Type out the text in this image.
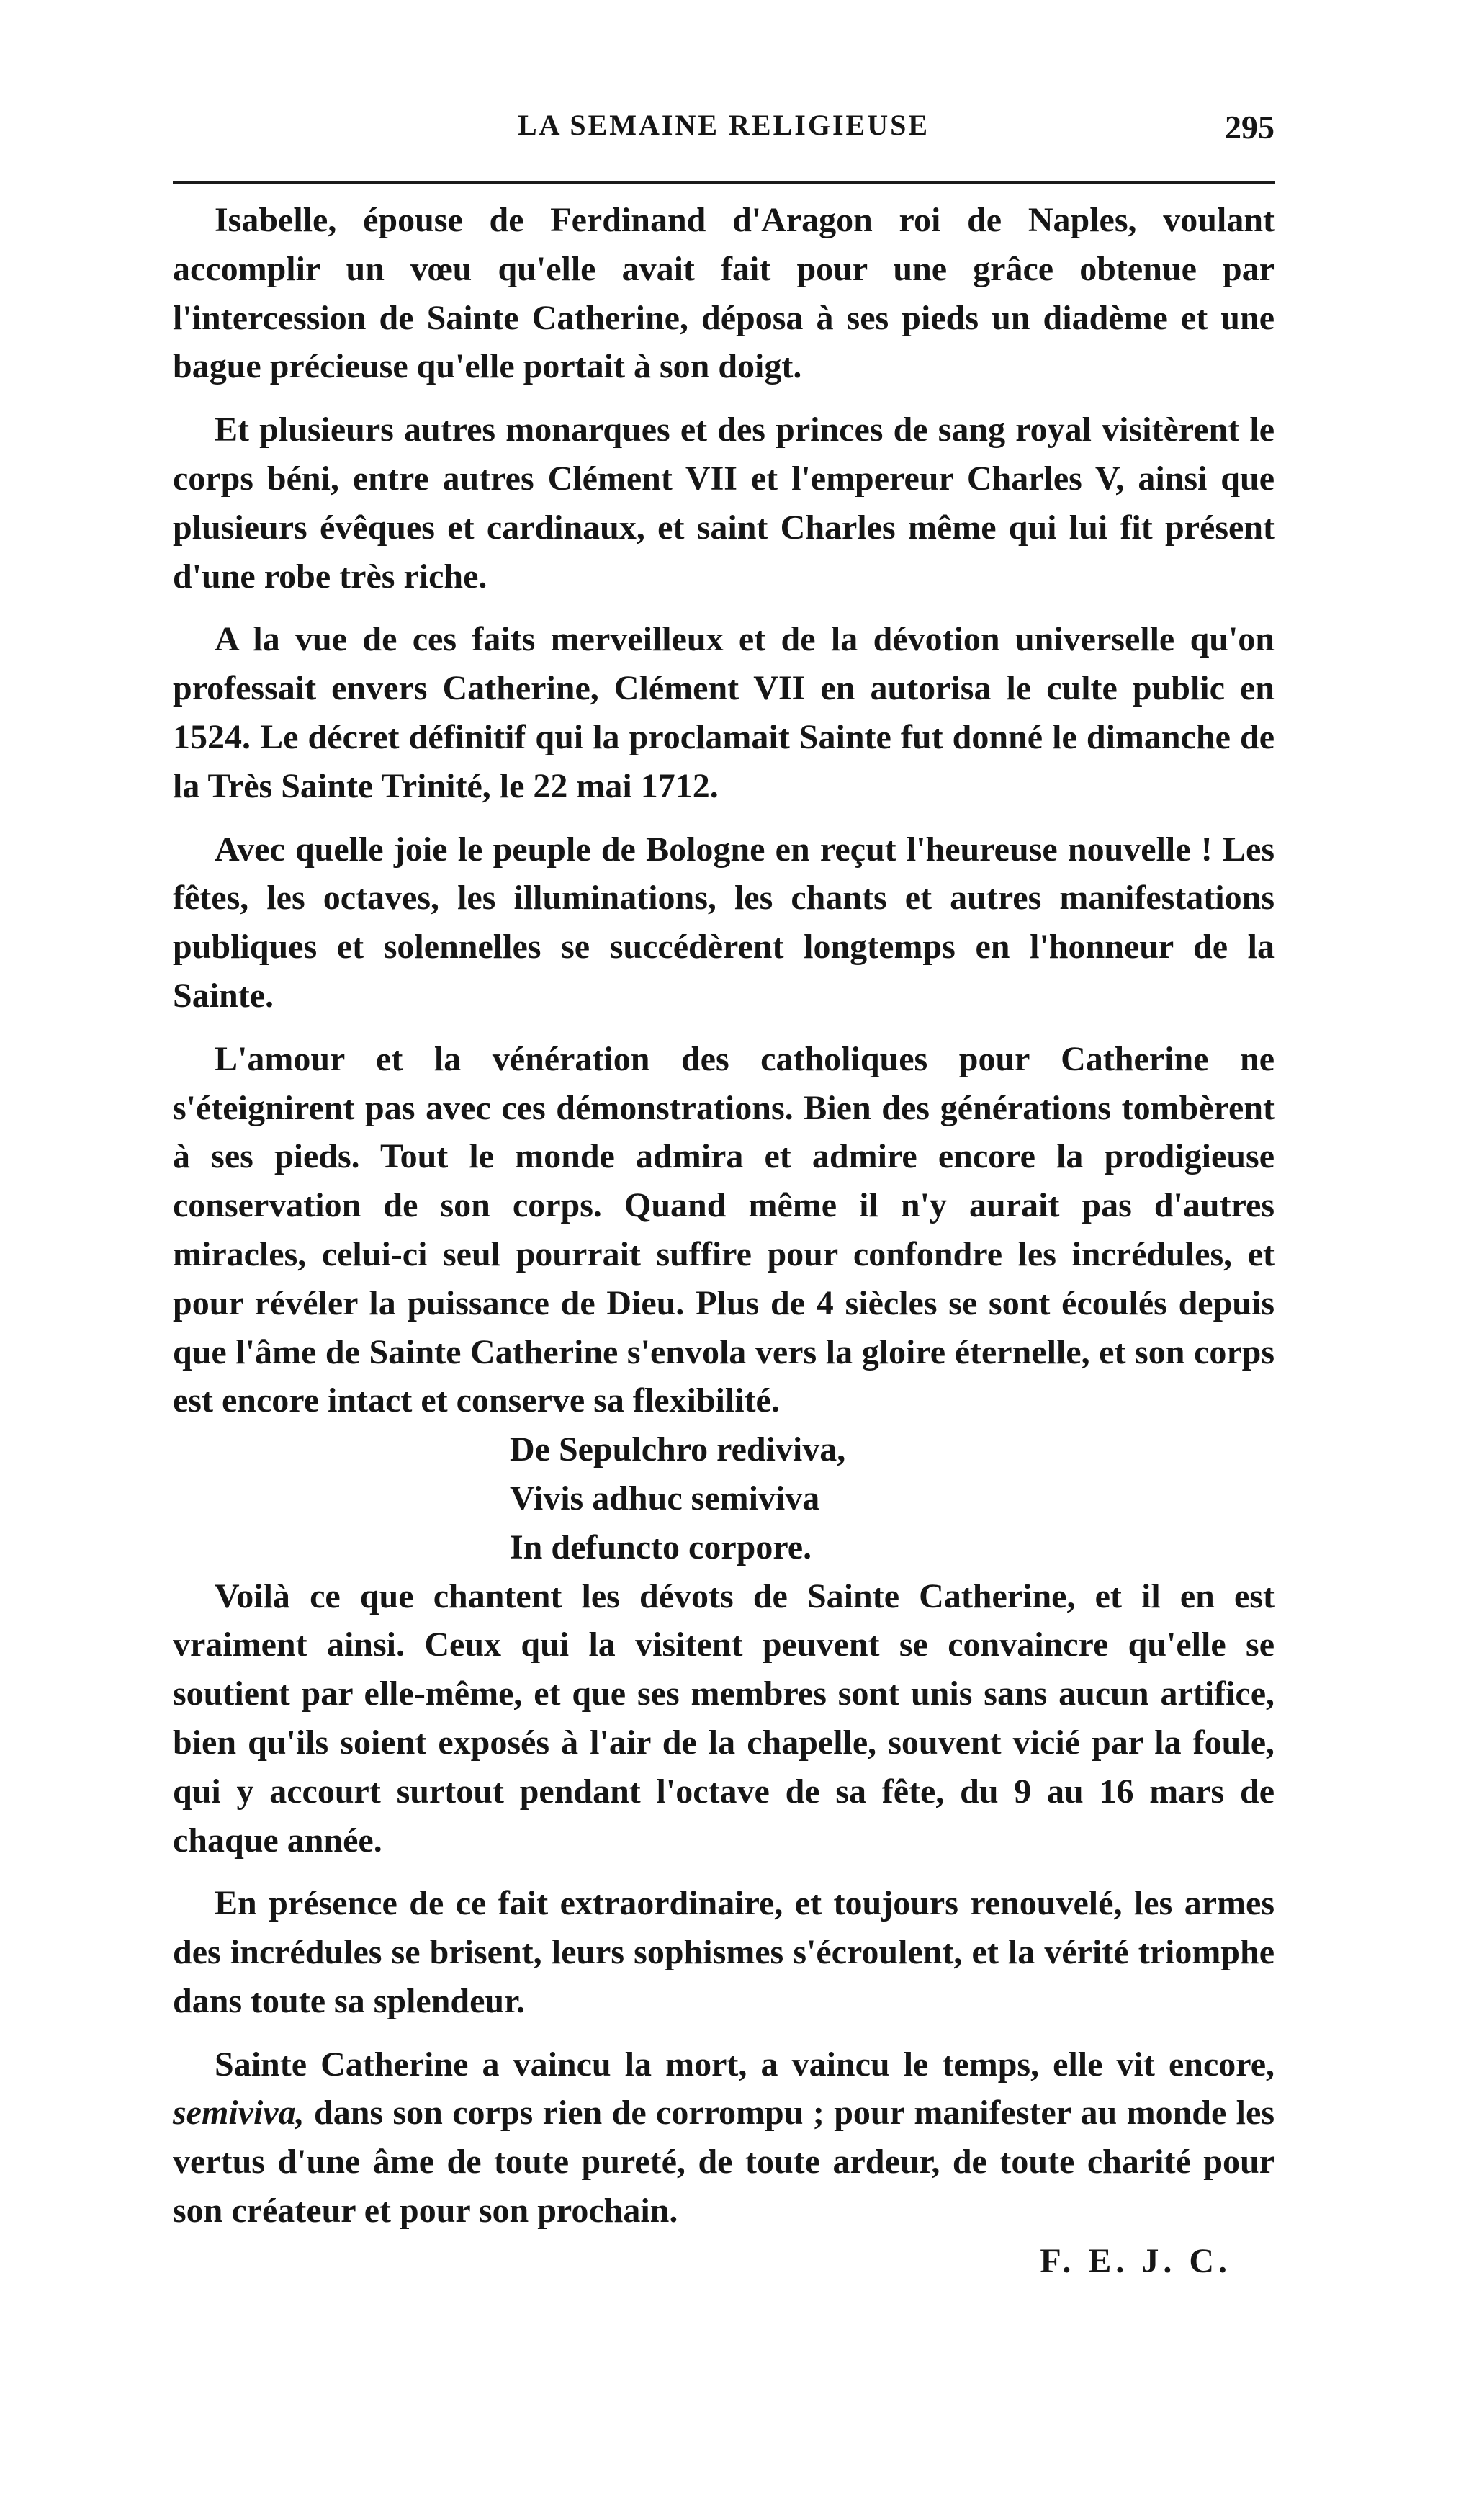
LA SEMAINE RELIGIEUSE	295

Isabelle, épouse de Ferdinand d'Aragon roi de Naples, voulant accomplir un vœu qu'elle avait fait pour une grâce obtenue par l'intercession de Sainte Catherine, déposa à ses pieds un diadème et une bague précieuse qu'elle portait à son doigt.

Et plusieurs autres monarques et des princes de sang royal visitèrent le corps béni, entre autres Clément VII et l'empereur Charles V, ainsi que plusieurs évêques et cardinaux, et saint Charles même qui lui fit présent d'une robe très riche.

A la vue de ces faits merveilleux et de la dévotion universelle qu'on professait envers Catherine, Clément VII en autorisa le culte public en 1524. Le décret définitif qui la proclamait Sainte fut donné le dimanche de la Très Sainte Trinité, le 22 mai 1712.

Avec quelle joie le peuple de Bologne en reçut l'heureuse nouvelle ! Les fêtes, les octaves, les illuminations, les chants et autres manifestations publiques et solennelles se succédèrent longtemps en l'honneur de la Sainte.

L'amour et la vénération des catholiques pour Catherine ne s'éteignirent pas avec ces démonstrations. Bien des générations tombèrent à ses pieds. Tout le monde admira et admire encore la prodigieuse conservation de son corps. Quand même il n'y aurait pas d'autres miracles, celui-ci seul pourrait suffire pour confondre les incrédules, et pour révéler la puissance de Dieu. Plus de 4 siècles se sont écoulés depuis que l'âme de Sainte Catherine s'envola vers la gloire éternelle, et son corps est encore intact et conserve sa flexibilité.

De Sepulchro rediviva,
Vivis adhuc semiviva
In defuncto corpore.

Voilà ce que chantent les dévots de Sainte Catherine, et il en est vraiment ainsi. Ceux qui la visitent peuvent se convaincre qu'elle se soutient par elle-même, et que ses membres sont unis sans aucun artifice, bien qu'ils soient exposés à l'air de la chapelle, souvent vicié par la foule, qui y accourt surtout pendant l'octave de sa fête, du 9 au 16 mars de chaque année.

En présence de ce fait extraordinaire, et toujours renouvelé, les armes des incrédules se brisent, leurs sophismes s'écroulent, et la vérité triomphe dans toute sa splendeur.

Sainte Catherine a vaincu la mort, a vaincu le temps, elle vit encore, semiviva, dans son corps rien de corrompu ; pour manifester au monde les vertus d'une âme de toute pureté, de toute ardeur, de toute charité pour son créateur et pour son prochain.

F. E. J. C.
